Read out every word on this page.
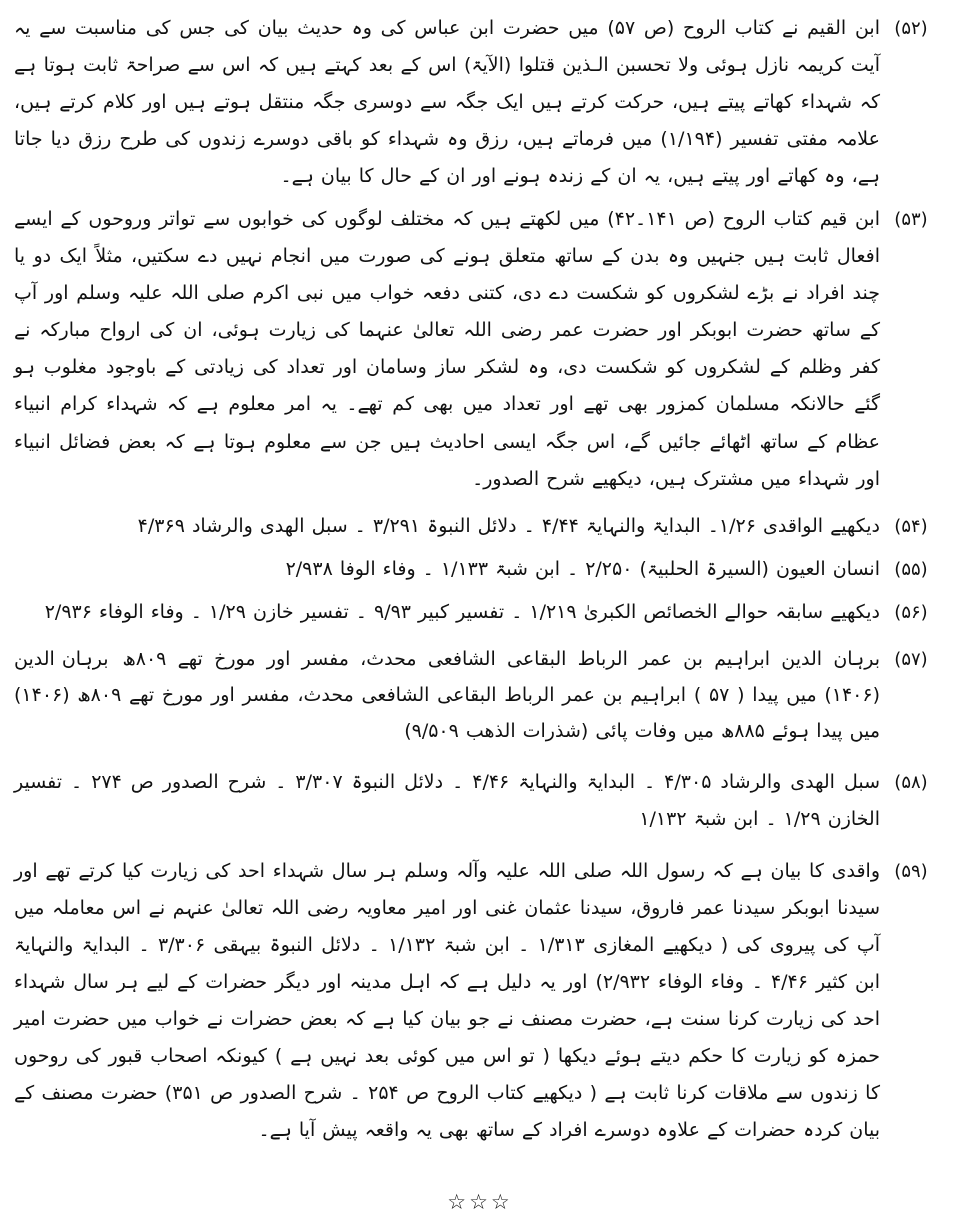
(۵۲)
ابن القیم نے کتاب الروح (ص ۵۷) میں حضرت ابن عباس کی وہ حدیث بیان کی جس کی مناسبت سے یہ آیت کریمہ نازل ہوئی ولا تحسبن الـذین قتلوا (الآیۃ) اس کے بعد کہتے ہیں کہ اس سے صراحۃ ثابت ہوتا ہے کہ شہداء کھاتے پیتے ہیں، حرکت کرتے ہیں ایک جگہ سے دوسری جگہ منتقل ہوتے ہیں اور کلام کرتے ہیں، علامہ مفتی تفسیر (۱/۱۹۴) میں فرماتے ہیں، رزق وہ شہداء کو باقی دوسرے زندوں کی طرح رزق دیا جاتا ہے، وہ کھاتے اور پیتے ہیں، یہ ان کے زندہ ہونے اور ان کے حال کا بیان ہے۔
(۵۳)
ابن قیم کتاب الروح (ص ۱۴۱۔۴۲) میں لکھتے ہیں کہ مختلف لوگوں کی خوابوں سے تواتر وروحوں کے ایسے افعال ثابت ہیں جنہیں وہ بدن کے ساتھ متعلق ہونے کی صورت میں انجام نہیں دے سکتیں، مثلاً ایک دو یا چند افراد نے بڑے لشکروں کو شکست دے دی، کتنی دفعہ خواب میں نبی اکرم صلی اللہ علیہ وسلم اور آپ کے ساتھ حضرت ابوبکر اور حضرت عمر رضی اللہ تعالیٰ عنہما کی زیارت ہوئی، ان کی ارواح مبارکہ نے کفر وظلم کے لشکروں کو شکست دی، وہ لشکر ساز وسامان اور تعداد کی زیادتی کے باوجود مغلوب ہو گئے حالانکہ مسلمان کمزور بھی تھے اور تعداد میں بھی کم تھے۔ یہ امر معلوم ہے کہ شہداء کرام انبیاء عظام کے ساتھ اٹھائے جائیں گے، اس جگہ ایسی احادیث ہیں جن سے معلوم ہوتا ہے کہ بعض فضائل انبیاء اور شہداء میں مشترک ہیں، دیکھیے شرح الصدور۔
(۵۴)
دیکھیے الواقدی ۱/۲۶۔ البدایۃ والنہایۃ ۴/۴۴ ۔ دلائل النبوۃ ۳/۲۹۱ ۔ سبل الھدی والرشاد ۴/۳۶۹
(۵۵)
انسان العیون (السیرۃ الحلبیۃ) ۲/۲۵۰ ۔ ابن شبۃ ۱/۱۳۳ ۔ وفاء الوفا ۲/۹۳۸
(۵۶)
دیکھیے سابقہ حوالے الخصائص الکبریٰ ۱/۲۱۹ ۔ تفسیر کبیر ۹/۹۳ ۔ تفسیر خازن ۱/۲۹ ۔ وفاء الوفاء ۲/۹۳۶
(۵۷)
برہان الدین برہان الدین ابراہیم بن عمر الرباط البقاعی الشافعی محدث، مفسر اور مورخ تھے ۸۰۹ھ (۱۴۰۶) میں پیدا ( ۵۷ ) ابراہیم بن عمر الرباط البقاعی الشافعی محدث، مفسر اور مورخ تھے ۸۰۹ھ (۱۴۰۶) میں پیدا ہوئے ۸۸۵ھ میں وفات پائی (شذرات الذھب ۹/۵۰۹)
(۵۸)
سبل الھدی والرشاد ۴/۳۰۵ ۔ البدایۃ والنہایۃ ۴/۴۶ ۔ دلائل النبوۃ ۳/۳۰۷ ۔ شرح الصدور ص ۲۷۴ ۔ تفسیر الخازن ۱/۲۹ ۔ ابن شبۃ ۱/۱۳۲
(۵۹)
واقدی کا بیان ہے کہ رسول اللہ صلی اللہ علیہ وآلہ وسلم ہر سال شہداء احد کی زیارت کیا کرتے تھے اور سیدنا ابوبکر سیدنا عمر فاروق، سیدنا عثمان غنی اور امیر معاویہ رضی اللہ تعالیٰ عنہم نے اس معاملہ میں آپ کی پیروی کی ( دیکھیے المغازی ۱/۳۱۳ ۔ ابن شبۃ ۱/۱۳۲ ۔ دلائل النبوۃ بیہقی ۳/۳۰۶ ۔ البدایۃ والنہایۃ ابن کثیر ۴/۴۶ ۔ وفاء الوفاء ۲/۹۳۲) اور یہ دلیل ہے کہ اہل مدینہ اور دیگر حضرات کے لیے ہر سال شہداء احد کی زیارت کرنا سنت ہے، حضرت مصنف نے جو بیان کیا ہے کہ بعض حضرات نے خواب میں حضرت امیر حمزہ کو زیارت کا حکم دیتے ہوئے دیکھا ( تو اس میں کوئی بعد نہیں ہے ) کیونکہ اصحاب قبور کی روحوں کا زندوں سے ملاقات کرنا ثابت ہے ( دیکھیے کتاب الروح ص ۲۵۴ ۔ شرح الصدور ص ۳۵۱) حضرت مصنف کے بیان کردہ حضرات کے علاوہ دوسرے افراد کے ساتھ بھی یہ واقعہ پیش آیا ہے۔
☆☆☆
